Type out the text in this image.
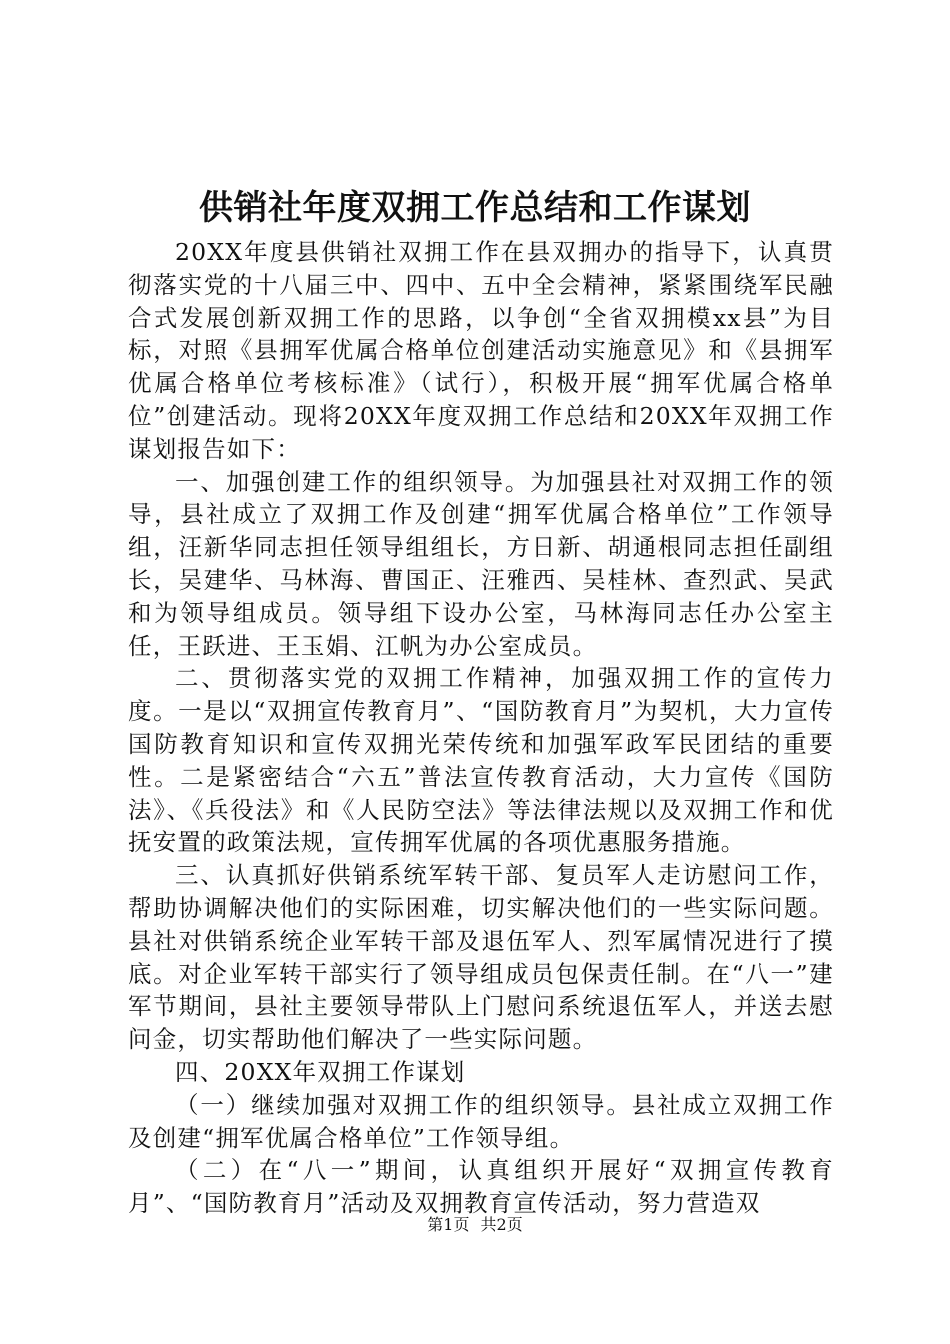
供销社年度双拥工作总结和工作谋划

20XX年度县供销社双拥工作在县双拥办的指导下，认真贯彻落实党的十八届三中、四中、五中全会精神，紧紧围绕军民融合式发展创新双拥工作的思路，以争创“全省双拥模xx县”为目标，对照《县拥军优属合格单位创建活动实施意见》和《县拥军优属合格单位考核标准》（试行），积极开展“拥军优属合格单位”创建活动。现将20XX年度双拥工作总结和20XX年双拥工作谋划报告如下：

一、加强创建工作的组织领导。为加强县社对双拥工作的领导，县社成立了双拥工作及创建“拥军优属合格单位”工作领导组，汪新华同志担任领导组组长，方日新、胡通根同志担任副组长，吴建华、马林海、曹国正、汪雅西、吴桂林、查烈武、吴武和为领导组成员。领导组下设办公室，马林海同志任办公室主任，王跃进、王玉娟、江帆为办公室成员。

二、贯彻落实党的双拥工作精神，加强双拥工作的宣传力度。一是以“双拥宣传教育月”、“国防教育月”为契机，大力宣传国防教育知识和宣传双拥光荣传统和加强军政军民团结的重要性。二是紧密结合“六五”普法宣传教育活动，大力宣传《国防法》、《兵役法》和《人民防空法》等法律法规以及双拥工作和优抚安置的政策法规，宣传拥军优属的各项优惠服务措施。

三、认真抓好供销系统军转干部、复员军人走访慰问工作，帮助协调解决他们的实际困难，切实解决他们的一些实际问题。县社对供销系统企业军转干部及退伍军人、烈军属情况进行了摸底。对企业军转干部实行了领导组成员包保责任制。在“八一”建军节期间，县社主要领导带队上门慰问系统退伍军人，并送去慰问金，切实帮助他们解决了一些实际问题。

四、20XX年双拥工作谋划

（一）继续加强对双拥工作的组织领导。县社成立双拥工作及创建“拥军优属合格单位”工作领导组。

（二）在“八一”期间，认真组织开展好“双拥宣传教育月”、“国防教育月”活动及双拥教育宣传活动，努力营造双

第1页 共2页
